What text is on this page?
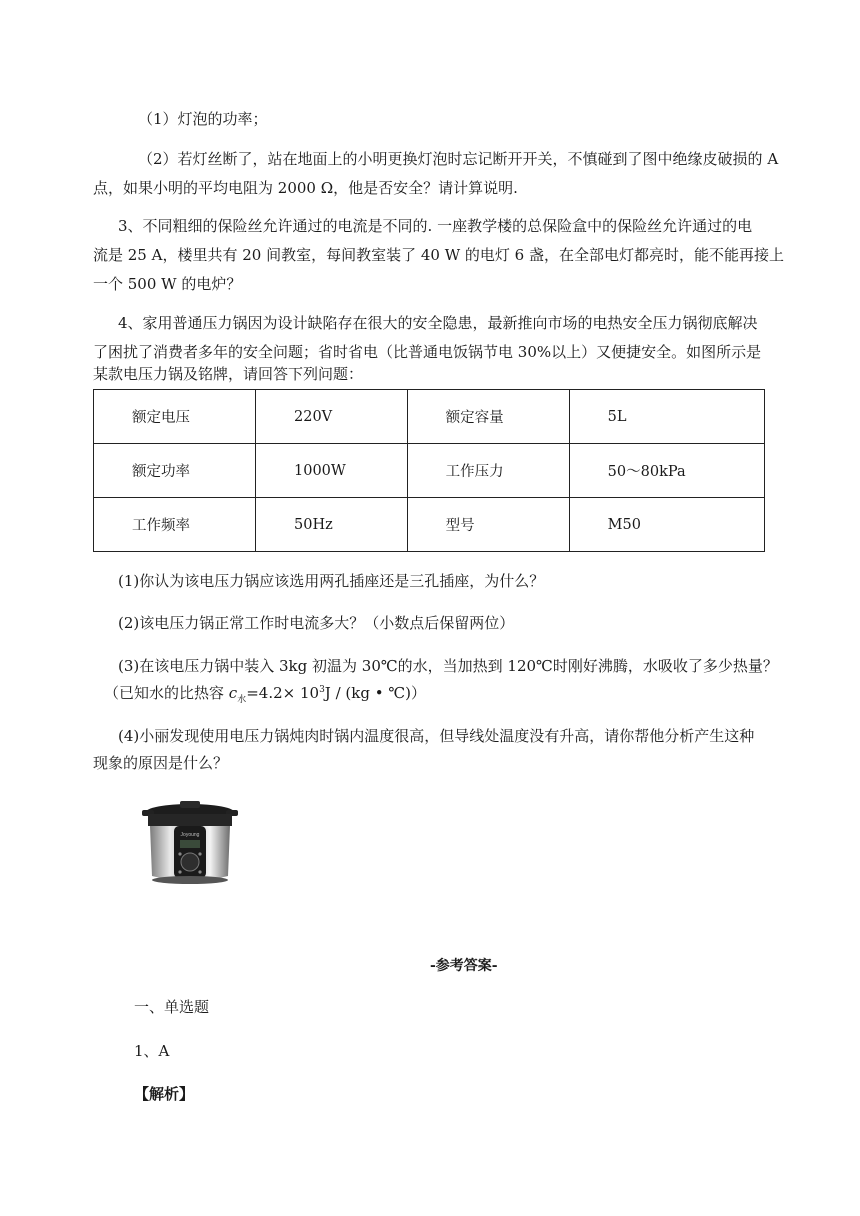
（1）灯泡的功率；

（2）若灯丝断了，站在地面上的小明更换灯泡时忘记断开开关，不慎碰到了图中绝缘皮破损的 A

点，如果小明的平均电阻为 2000 Ω，他是否安全？请计算说明.

3、不同粗细的保险丝允许通过的电流是不同的. 一座教学楼的总保险盒中的保险丝允许通过的电

流是 25 A，楼里共有 20 间教室，每间教室装了 40 W 的电灯 6 盏，在全部电灯都亮时，能不能再接上

一个 500 W 的电炉？

4、家用普通压力锅因为设计缺陷存在很大的安全隐患，最新推向市场的电热安全压力锅彻底解决

了困扰了消费者多年的安全问题；省时省电（比普通电饭锅节电 30%以上）又便捷安全。如图所示是

某款电压力锅及铭牌，请回答下列问题：

额定电压	220V	额定容量	5L
额定功率	1000W	工作压力	50～80kPa
工作频率	50Hz	型号	M50

(1)你认为该电压力锅应该选用两孔插座还是三孔插座，为什么？

(2)该电压力锅正常工作时电流多大？（小数点后保留两位）

(3)在该电压力锅中装入 3kg 初温为 30℃的水，当加热到 120℃时刚好沸腾，水吸收了多少热量？

（已知水的比热容 $c_水=4.2\times 10^3J / (kg$ • ℃)）

(4)小丽发现使用电压力锅炖肉时锅内温度很高，但导线处温度没有升高，请你帮他分析产生这种

现象的原因是什么？

Joyoung

-参考答案-

一、单选题

1、A

【解析】
